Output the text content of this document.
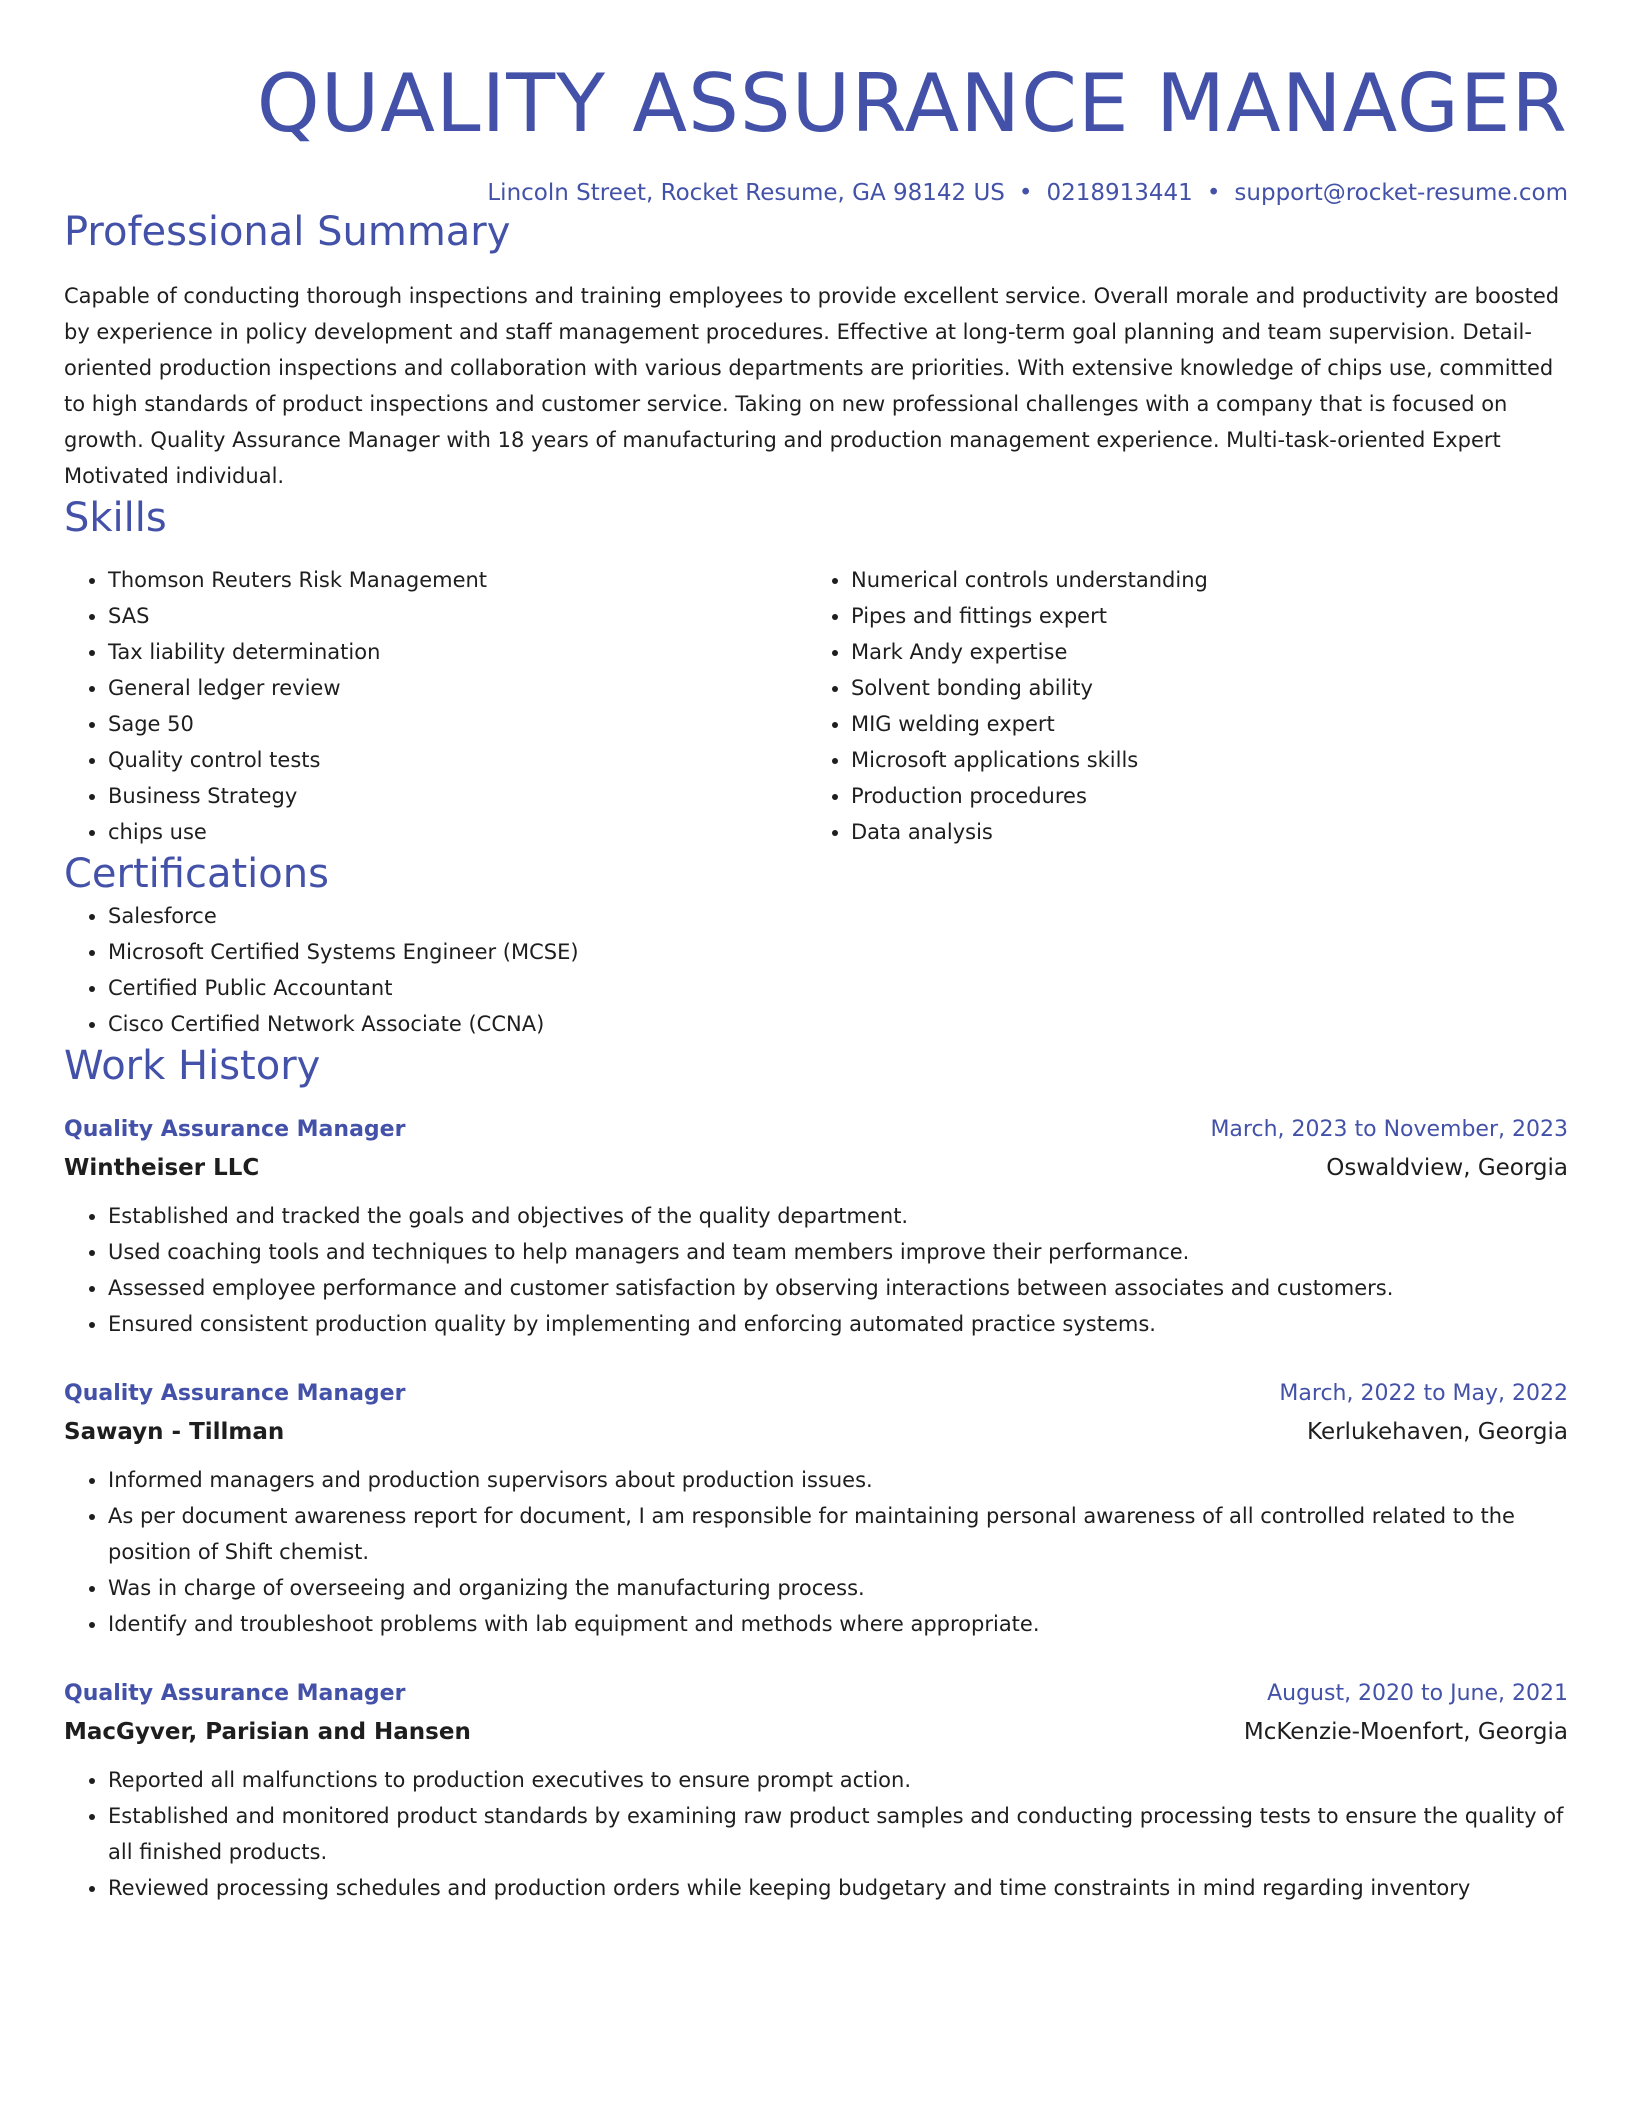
QUALITY ASSURANCE MANAGER
Lincoln Street, Rocket Resume, GA 98142 US • 0218913441 • support@rocket-resume.com
Professional Summary
Capable of conducting thorough inspections and training employees to provide excellent service. Overall morale and productivity are boosted by experience in policy development and staff management procedures. Effective at long-term goal planning and team supervision. Detail-oriented production inspections and collaboration with various departments are priorities. With extensive knowledge of chips use, committed to high standards of product inspections and customer service. Taking on new professional challenges with a company that is focused on growth. Quality Assurance Manager with 18 years of manufacturing and production management experience. Multi-task-oriented Expert Motivated individual.
Skills
• Thomson Reuters Risk Management
• SAS
• Tax liability determination
• General ledger review
• Sage 50
• Quality control tests
• Business Strategy
• chips use
• Numerical controls understanding
• Pipes and fittings expert
• Mark Andy expertise
• Solvent bonding ability
• MIG welding expert
• Microsoft applications skills
• Production procedures
• Data analysis
Certifications
• Salesforce
• Microsoft Certified Systems Engineer (MCSE)
• Certified Public Accountant
• Cisco Certified Network Associate (CCNA)
Work History
Quality Assurance Manager	March, 2023 to November, 2023
Wintheiser LLC	Oswaldview, Georgia
• Established and tracked the goals and objectives of the quality department.
• Used coaching tools and techniques to help managers and team members improve their performance.
• Assessed employee performance and customer satisfaction by observing interactions between associates and customers.
• Ensured consistent production quality by implementing and enforcing automated practice systems.
Quality Assurance Manager	March, 2022 to May, 2022
Sawayn - Tillman	Kerlukehaven, Georgia
• Informed managers and production supervisors about production issues.
• As per document awareness report for document, I am responsible for maintaining personal awareness of all controlled related to the position of Shift chemist.
• Was in charge of overseeing and organizing the manufacturing process.
• Identify and troubleshoot problems with lab equipment and methods where appropriate.
Quality Assurance Manager	August, 2020 to June, 2021
MacGyver, Parisian and Hansen	McKenzie-Moenfort, Georgia
• Reported all malfunctions to production executives to ensure prompt action.
• Established and monitored product standards by examining raw product samples and conducting processing tests to ensure the quality of all finished products.
• Reviewed processing schedules and production orders while keeping budgetary and time constraints in mind regarding inventory
